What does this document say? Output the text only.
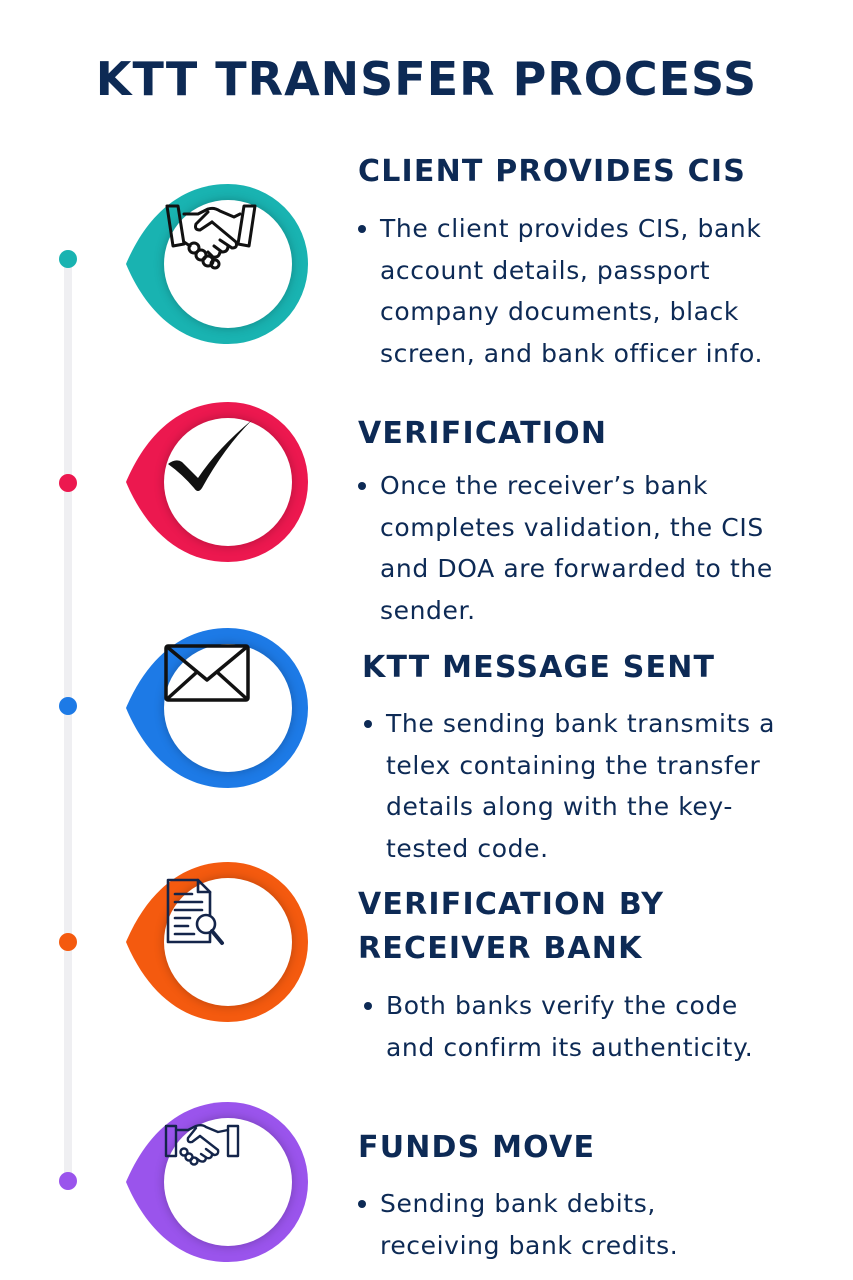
KTT TRANSFER PROCESS
CLIENT PROVIDES CIS
The client provides CIS, bank account details, passport company documents, black screen, and bank officer info.
VERIFICATION
Once the receiver’s bank completes validation, the CIS and DOA are forwarded to the sender.
KTT MESSAGE SENT
The sending bank transmits a telex containing the transfer details along with the key-tested code.
VERIFICATION BY RECEIVER BANK
Both banks verify the code and confirm its authenticity.
FUNDS MOVE
Sending bank debits, receiving bank credits.
